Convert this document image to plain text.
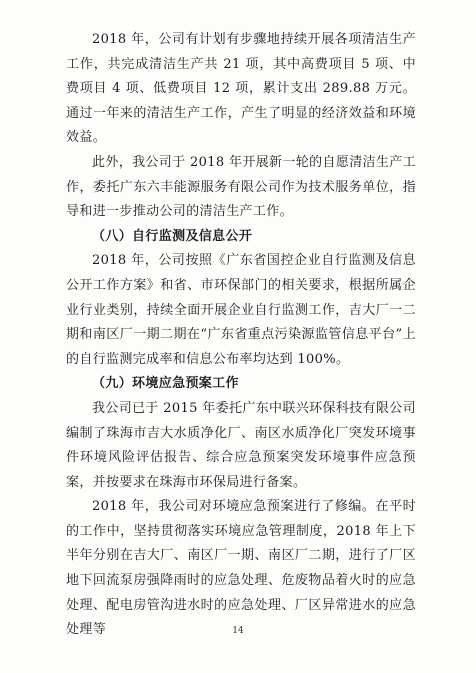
2018 年，公司有计划有步骤地持续开展各项清洁生产工作，共完成清洁生产共 21 项，其中高费项目 5 项、中费项目 4 项、低费项目 12 项，累计支出 289.88 万元。通过一年来的清洁生产工作，产生了明显的经济效益和环境效益。

此外，我公司于 2018 年开展新一轮的自愿清洁生产工作，委托广东六丰能源服务有限公司作为技术服务单位，指导和进一步推动公司的清洁生产工作。

（八）自行监测及信息公开

2018 年，公司按照《广东省国控企业自行监测及信息公开工作方案》和省、市环保部门的相关要求，根据所属企业行业类别，持续全面开展企业自行监测工作，吉大厂一二期和南区厂一期二期在“广东省重点污染源监管信息平台”上的自行监测完成率和信息公布率均达到 100%。

（九）环境应急预案工作

我公司已于 2015 年委托广东中联兴环保科技有限公司编制了珠海市吉大水质净化厂、南区水质净化厂突发环境事件环境风险评估报告、综合应急预案突发环境事件应急预案，并按要求在珠海市环保局进行备案。

2018 年，我公司对环境应急预案进行了修编。在平时的工作中，坚持贯彻落实环境应急管理制度，2018 年上下半年分别在吉大厂、南区厂一期、南区厂二期，进行了厂区地下回流泵房强降雨时的应急处理、危废物品着火时的应急处理、配电房管沟进水时的应急处理、厂区异常进水的应急处理等	14
